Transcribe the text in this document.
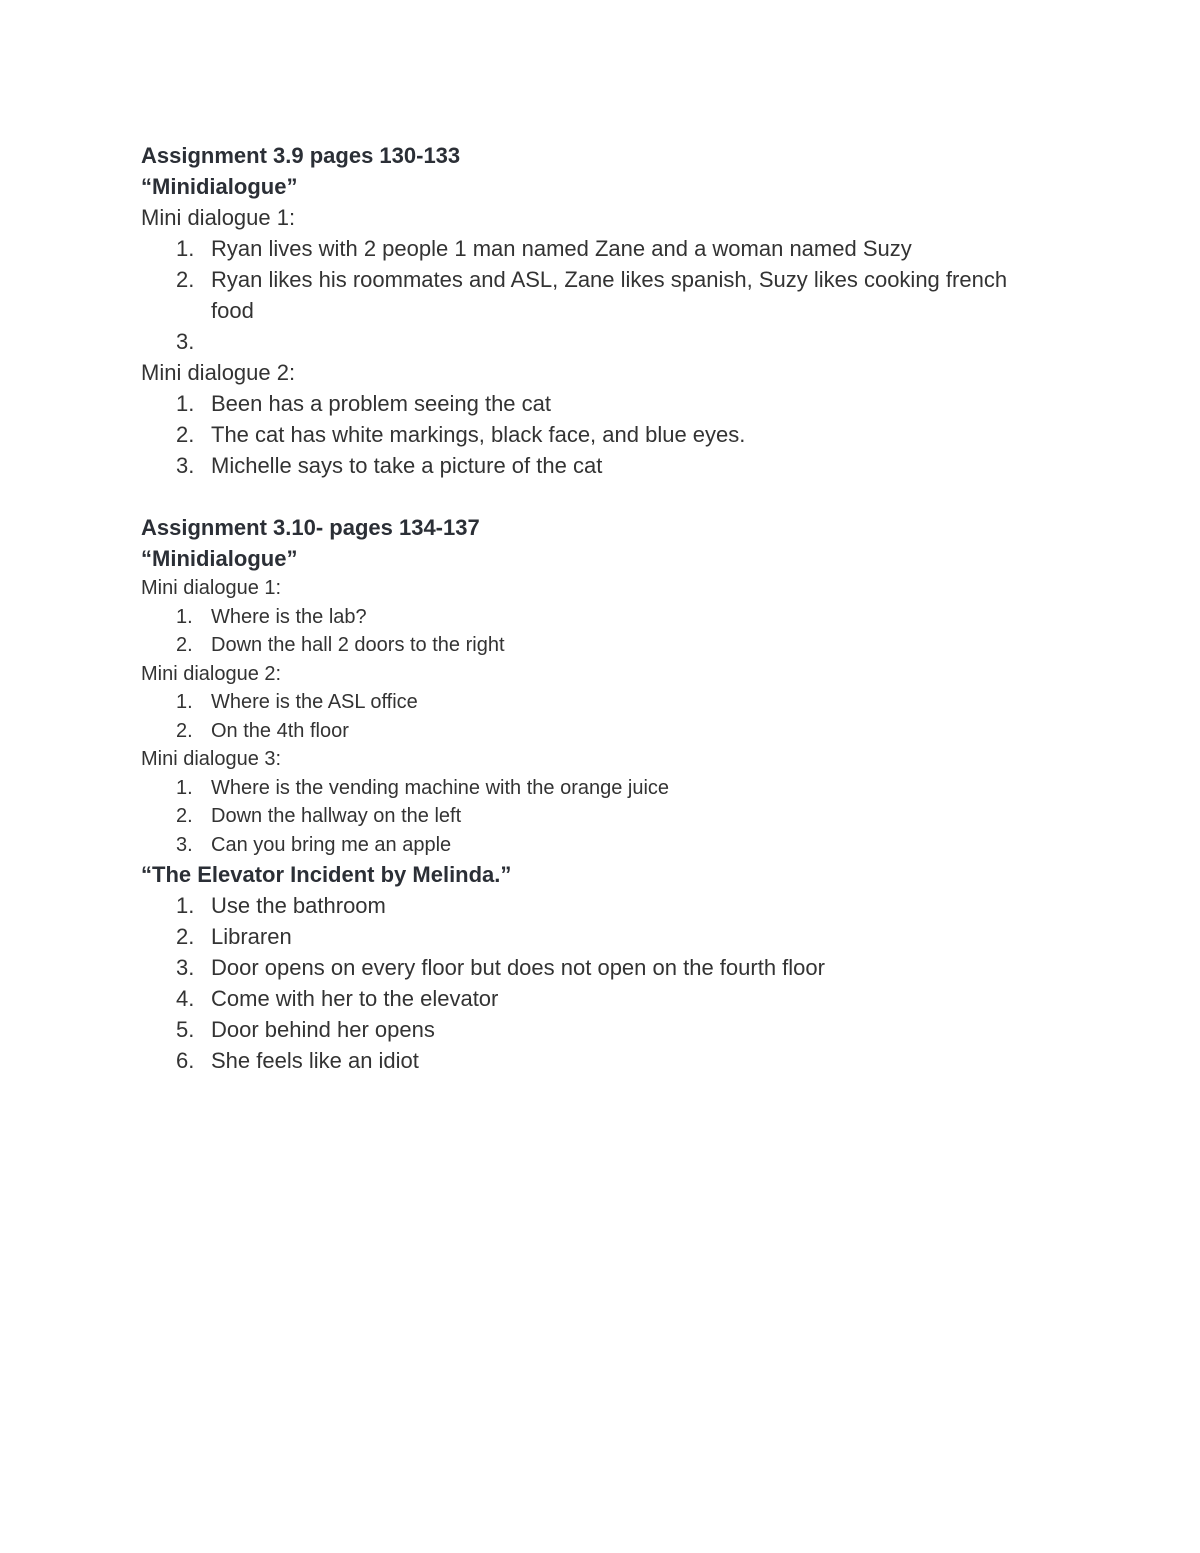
Assignment 3.9 pages 130-133
“Minidialogue”
Mini dialogue 1:
1. Ryan lives with 2 people 1 man named Zane and a woman named Suzy
2. Ryan likes his roommates and ASL, Zane likes spanish, Suzy likes cooking french food
3.

Mini dialogue 2:
1. Been has a problem seeing the cat
2. The cat has white markings, black face, and blue eyes.
3. Michelle says to take a picture of the cat
Assignment 3.10- pages 134-137
“Minidialogue”
Mini dialogue 1:
1. Where is the lab?
2. Down the hall 2 doors to the right
Mini dialogue 2:
1. Where is the ASL office
2. On the 4th floor
Mini dialogue 3:
1. Where is the vending machine with the orange juice
2. Down the hallway on the left
3. Can you bring me an apple
“The Elevator Incident by Melinda.”
1. Use the bathroom
2. Libraren
3. Door opens on every floor but does not open on the fourth floor
4. Come with her to the elevator
5. Door behind her opens
6. She feels like an idiot
